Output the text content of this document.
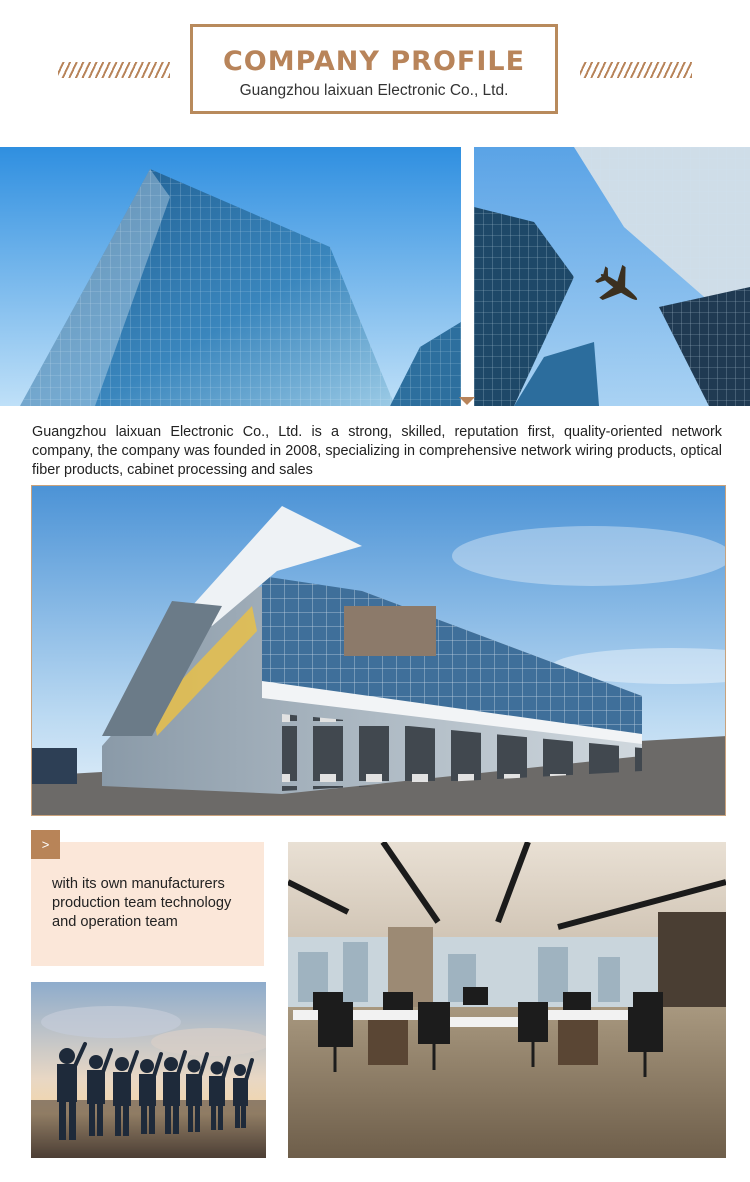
COMPANY PROFILE
Guangzhou laixuan Electronic Co., Ltd.
Guangzhou laixuan Electronic Co., Ltd. is a strong, skilled, reputation first, quality-oriented network company, the company was founded in 2008, specializing in comprehensive network wiring products, optical fiber products, cabinet processing and sales
>
with its own manufacturers production team technology and operation team
